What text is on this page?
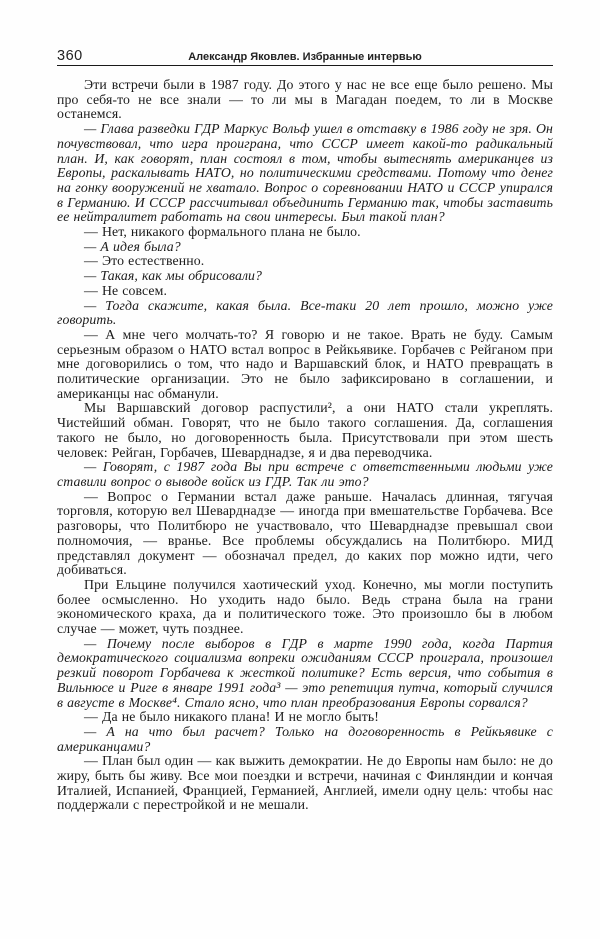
360	Александр Яковлев. Избранные интервью

Эти встречи были в 1987 году. До этого у нас не все еще было решено. Мы про себя-то не все знали — то ли мы в Магадан поедем, то ли в Москве останемся.

— Глава разведки ГДР Маркус Вольф ушел в отставку в 1986 году не зря. Он почувствовал, что игра проиграна, что СССР имеет какой-то радикальный план. И, как говорят, план состоял в том, чтобы вытеснять американцев из Европы, раскалывать НАТО, но политическими средствами. Потому что денег на гонку вооружений не хватало. Вопрос о соревновании НАТО и СССР упирался в Германию. И СССР рассчитывал объединить Германию так, чтобы заставить ее нейтралитет работать на свои интересы. Был такой план?

— Нет, никакого формального плана не было.

— А идея была?

— Это естественно.

— Такая, как мы обрисовали?

— Не совсем.

— Тогда скажите, какая была. Все-таки 20 лет прошло, можно уже говорить.

— А мне чего молчать-то? Я говорю и не такое. Врать не буду. Самым серьезным образом о НАТО встал вопрос в Рейкьявике. Горбачев с Рейганом при мне договорились о том, что надо и Варшавский блок, и НАТО превращать в политические организации. Это не было зафиксировано в соглашении, и американцы нас обманули.

Мы Варшавский договор распустили², а они НАТО стали укреплять. Чистейший обман. Говорят, что не было такого соглашения. Да, соглашения такого не было, но договоренность была. Присутствовали при этом шесть человек: Рейган, Горбачев, Шеварднадзе, я и два переводчика.

— Говорят, с 1987 года Вы при встрече с ответственными людьми уже ставили вопрос о выводе войск из ГДР. Так ли это?

— Вопрос о Германии встал даже раньше. Началась длинная, тягучая торговля, которую вел Шеварднадзе — иногда при вмешательстве Горбачева. Все разговоры, что Политбюро не участвовало, что Шеварднадзе превышал свои полномочия, — вранье. Все проблемы обсуждались на Политбюро. МИД представлял документ — обозначал предел, до каких пор можно идти, чего добиваться.

При Ельцине получился хаотический уход. Конечно, мы могли поступить более осмысленно. Но уходить надо было. Ведь страна была на грани экономического краха, да и политического тоже. Это произошло бы в любом случае — может, чуть позднее.

— Почему после выборов в ГДР в марте 1990 года, когда Партия демократического социализма вопреки ожиданиям СССР проиграла, произошел резкий поворот Горбачева к жесткой политике? Есть версия, что события в Вильнюсе и Риге в январе 1991 года³ — это репетиция путча, который случился в августе в Москве⁴. Стало ясно, что план преобразования Европы сорвался?

— Да не было никакого плана! И не могло быть!

— А на что был расчет? Только на договоренность в Рейкьявике с американцами?

— План был один — как выжить демократии. Не до Европы нам было: не до жиру, быть бы живу. Все мои поездки и встречи, начиная с Финляндии и кончая Италией, Испанией, Францией, Германией, Англией, имели одну цель: чтобы нас поддержали с перестройкой и не мешали.
